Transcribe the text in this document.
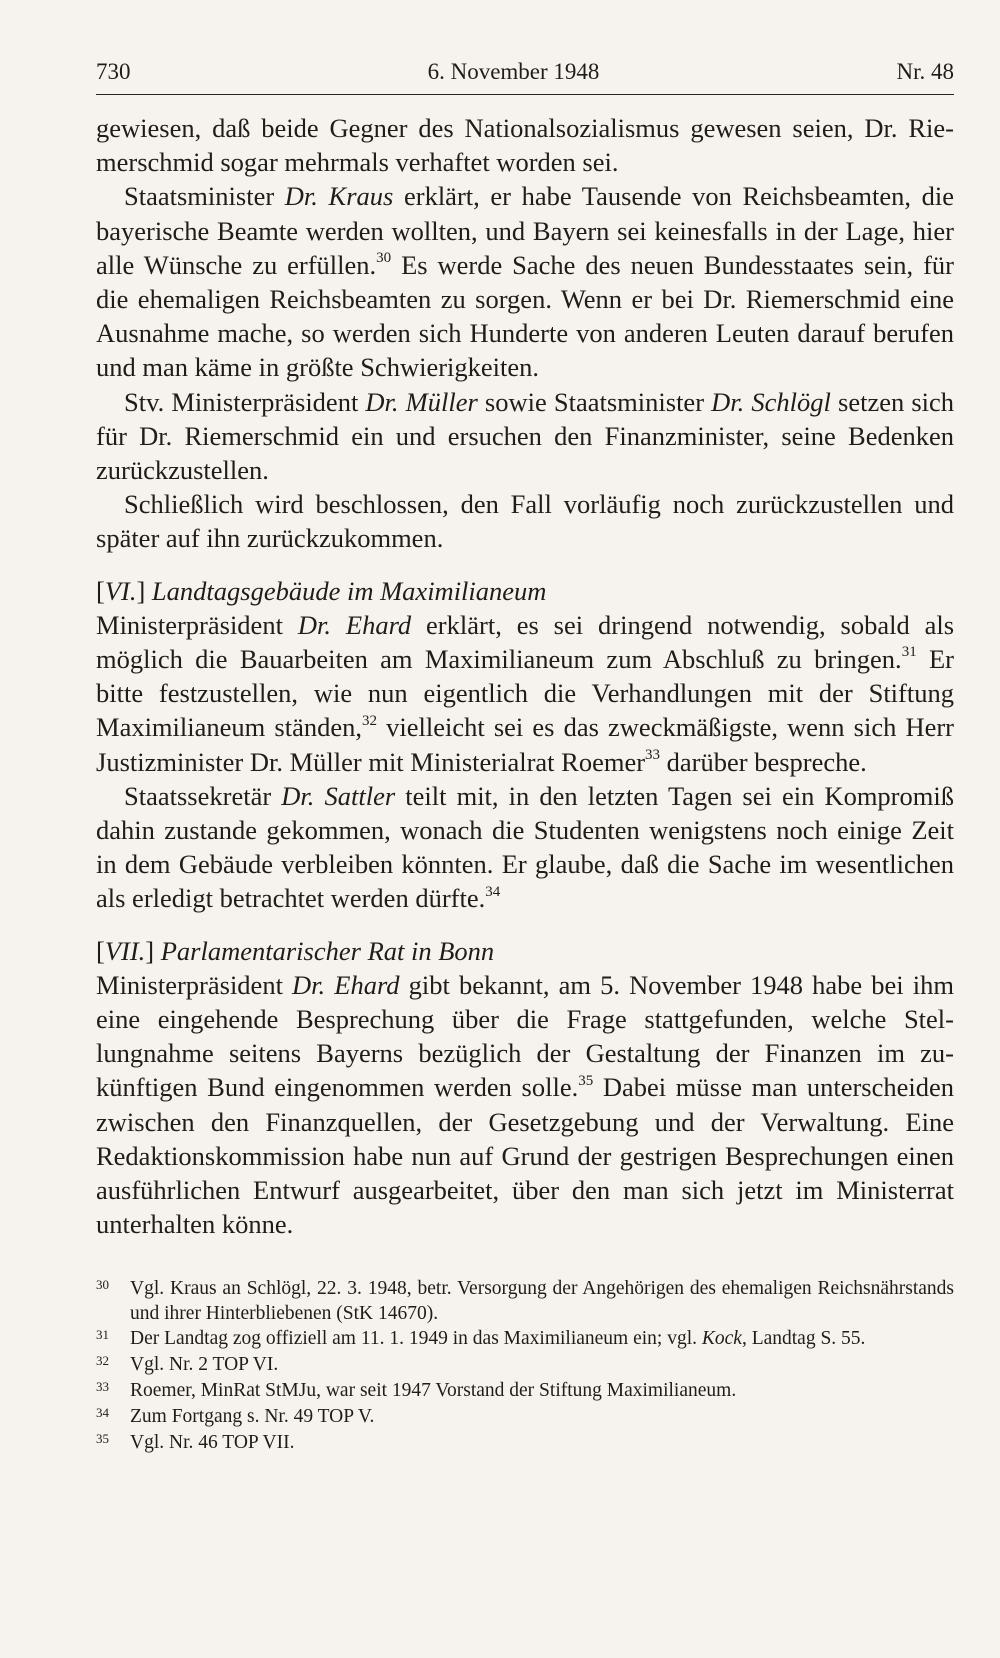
730	6. November 1948	Nr. 48

gewiesen, daß beide Gegner des Nationalsozialismus gewesen seien, Dr. Riemerschmid sogar mehrmals verhaftet worden sei.

Staatsminister Dr. Kraus erklärt, er habe Tausende von Reichsbeamten, die bayerische Beamte werden wollten, und Bayern sei keinesfalls in der Lage, hier alle Wünsche zu erfüllen.$^{30}$ Es werde Sache des neuen Bundesstaates sein, für die ehemaligen Reichsbeamten zu sorgen. Wenn er bei Dr. Riemerschmid eine Ausnahme mache, so werden sich Hunderte von anderen Leuten darauf berufen und man käme in größte Schwierigkeiten.

Stv. Ministerpräsident Dr. Müller sowie Staatsminister Dr. Schlögl setzen sich für Dr. Riemerschmid ein und ersuchen den Finanzminister, seine Bedenken zurückzustellen.

Schließlich wird beschlossen, den Fall vorläufig noch zurückzustellen und später auf ihn zurückzukommen.

[VI.] Landtagsgebäude im Maximilianeum

Ministerpräsident Dr. Ehard erklärt, es sei dringend notwendig, sobald als möglich die Bauarbeiten am Maximilianeum zum Abschluß zu bringen.$^{31}$ Er bitte festzustellen, wie nun eigentlich die Verhandlungen mit der Stiftung Maximilianeum ständen,$^{32}$ vielleicht sei es das zweckmäßigste, wenn sich Herr Justizminister Dr. Müller mit Ministerialrat Roemer$^{33}$ darüber bespreche.

Staatssekretär Dr. Sattler teilt mit, in den letzten Tagen sei ein Kompromiß dahin zustande gekommen, wonach die Studenten wenigstens noch einige Zeit in dem Gebäude verbleiben könnten. Er glaube, daß die Sache im wesentlichen als erledigt betrachtet werden dürfte.$^{34}$

[VII.] Parlamentarischer Rat in Bonn

Ministerpräsident Dr. Ehard gibt bekannt, am 5. November 1948 habe bei ihm eine eingehende Besprechung über die Frage stattgefunden, welche Stellungnahme seitens Bayerns bezüglich der Gestaltung der Finanzen im zukünftigen Bund eingenommen werden solle.$^{35}$ Dabei müsse man unterscheiden zwischen den Finanzquellen, der Gesetzgebung und der Verwaltung. Eine Redaktionskommission habe nun auf Grund der gestrigen Besprechungen einen ausführlichen Entwurf ausgearbeitet, über den man sich jetzt im Ministerrat unterhalten könne.

30	Vgl. Kraus an Schlögl, 22. 3. 1948, betr. Versorgung der Angehörigen des ehemaligen Reichsnährstands und ihrer Hinterbliebenen (StK 14670).
31	Der Landtag zog offiziell am 11. 1. 1949 in das Maximilianeum ein; vgl. Kock, Landtag S. 55.
32	Vgl. Nr. 2 TOP VI.
33	Roemer, MinRat StMJu, war seit 1947 Vorstand der Stiftung Maximilianeum.
34	Zum Fortgang s. Nr. 49 TOP V.
35	Vgl. Nr. 46 TOP VII.
